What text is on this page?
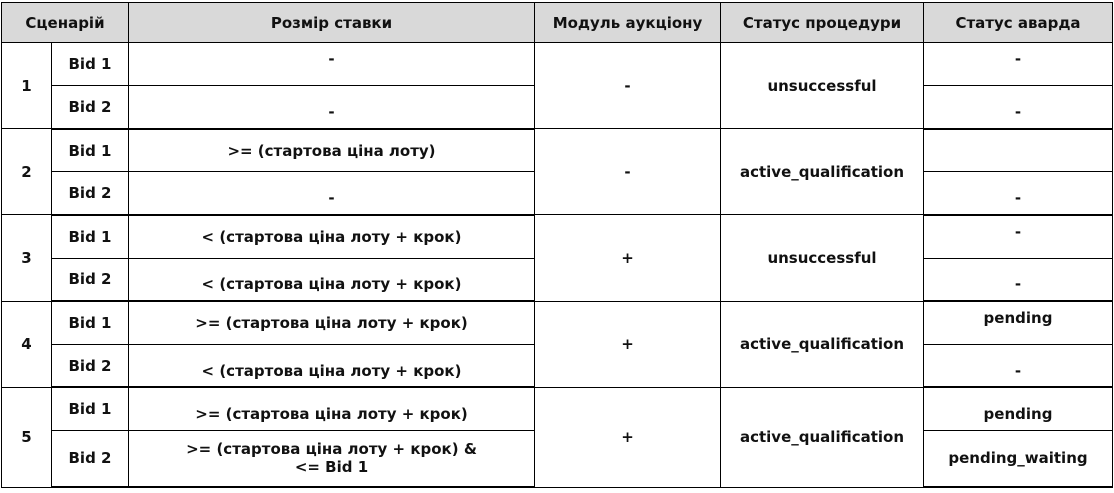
Сценарій		Розмір ставки	Модуль аукціону	Статус процедури	Статус аварда
1	Bid 1	-	-	unsuccessful	-
	Bid 2	-			-
2	Bid 1	>= (стартова ціна лоту)	-	active_qualification	
	Bid 2	-			-
3	Bid 1	< (стартова ціна лоту + крок)	+	unsuccessful	-
	Bid 2	< (стартова ціна лоту + крок)			-
4	Bid 1	>= (стартова ціна лоту + крок)	+	active_qualification	pending
	Bid 2	< (стартова ціна лоту + крок)			-
5	Bid 1	>= (стартова ціна лоту + крок)	+	active_qualification	pending
	Bid 2	>= (стартова ціна лоту + крок) &
<= Bid 1			pending_waiting
